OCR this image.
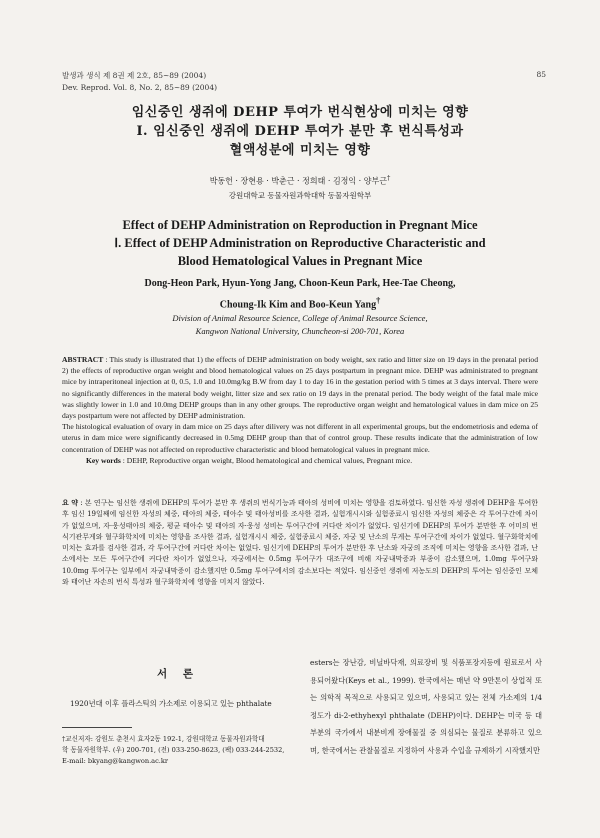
발생과 생식 제 8권 제 2호, 85~89 (2004)
Dev. Reprod. Vol. 8, No. 2, 85~89 (2004)
85
임신중인 생쥐에 DEHP 투여가 번식현상에 미치는 영향
Ⅰ. 임신중인 생쥐에 DEHP 투여가 분만 후 번식특성과
혈액성분에 미치는 영향
박동헌 · 장현용 · 박춘근 · 정희태 · 김정익 · 양부근†
강원대학교 동물자원과학대학 동물자원학부
Effect of DEHP Administration on Reproduction in Pregnant Mice
Ⅰ. Effect of DEHP Administration on Reproductive Characteristic and
Blood Hematological Values in Pregnant Mice
Dong-Heon Park, Hyun-Yong Jang, Choon-Keun Park, Hee-Tae Cheong,
Choung-Ik Kim and Boo-Keun Yang†
Division of Animal Resource Science, College of Animal Resource Science,
Kangwon National University, Chuncheon-si 200-701, Korea

ABSTRACT : This study is illustrated that 1) the effects of DEHP administration on body weight, sex ratio and litter size on 19 days in the prenatal period 2) the effects of reproductive organ weight and blood hematological values on 25 days postpartum in pregnant mice. DEHP was administrated to pregnant mice by intraperitoneal injection at 0, 0.5, 1.0 and 10.0mg/kg B.W from day 1 to day 16 in the gestation period with 5 times at 3 days interval. There were no significantly differences in the materal body weight, litter size and sex ratio on 19 days in the prenatal period. The body weight of the fatal male mice was slightly lower in 1.0 and 10.0mg DEHP groups than in any other groups. The reproductive organ weight and hematological values in dam mice on 25 days postpartum were not affected by DEHP administration.

The histological evaluation of ovary in dam mice on 25 days after dilivery was not different in all experimental groups, but the endometriosis and edema of uterus in dam mice were significantly decreased in 0.5mg DEHP group than that of control group. These results indicate that the administration of low concentration of DEHP was not affected on reproductive characteristic and blood hematological values in pregnant mice.

Key words : DEHP, Reproductive organ weight, Blood hematological and chemical values, Pregnant mice.

요 약 : 본 연구는 임신한 생쥐에 DEHP의 투여가 분만 후 생쥐의 번식기능과 태아의 성비에 미치는 영향을 검토하였다. 임신한 자성 생쥐에 DEHP을 투여한 후 임신 19일째에 임신한 자성의 체중, 태아의 체중, 태아수 및 태아성비를 조사한 결과, 실험개시시와 실험종료시 임신한 자성의 체중은 각 투여구간에 차이가 없었으며, 자·웅성태아의 체중, 평균 태아수 및 태아의 자·웅성 성비는 투여구간에 커다란 차이가 없었다. 임신기에 DEHP의 투여가 분만한 후 어미의 번식기관무게와 혈구화학치에 미치는 영향을 조사한 결과, 실험개시시 체중, 실험종료시 체중, 자궁 및 난소의 무게는 투여구간에 차이가 없었다. 혈구화학치에 미치는 효과를 검사한 결과, 각 투여구간에 커다란 차이는 없었다. 임신기에 DEHP의 투여가 분만한 후 난소와 자궁의 조직에 미치는 영향을 조사한 결과, 난소에서는 모든 투여구간에 커다란 차이가 없었으나, 자궁에서는 0.5mg 투여구가 대조구에 비해 자궁내막증과 부종이 감소했으며, 1.0mg 투여구와 10.0mg 투여구는 일부에서 자궁내막증이 감소했지만 0.5mg 투여구에서의 감소보다는 적었다. 임신중인 생쥐에 저농도의 DEHP의 투여는 임신중인 모체와 태어난 자손의 번식 특성과 혈구화학치에 영향을 미치지 않았다.

서 론
1920년대 이후 플라스틱의 가소제로 이용되고 있는 phthalate
†교신저자: 강원도 춘천시 효자2동 192-1, 강원대학교 동물자원과학대
학 동물자원학부. (우) 200-701, (전) 033-250-8623, (팩) 033-244-2532,
E-mail: bkyang@kangwon.ac.kr
esters는 장난감, 비닐바닥재, 의료장비 및 식품포장지등에 원료로서 사용되어왔다(Keys et al., 1999). 한국에서는 매년 약 9만톤이 상업적 또는 의학적 목적으로 사용되고 있으며, 사용되고 있는 전체 가소제의 1/4 정도가 di-2-ethyhexyl phthalate (DEHP)이다. DEHP는 미국 등 대부분의 국가에서 내분비계 장애물질 중 의심되는 물질로 분류하고 있으며, 한국에서는 관찰물질로 지정하여 사용과 수입을 규제하기 시작했지만
